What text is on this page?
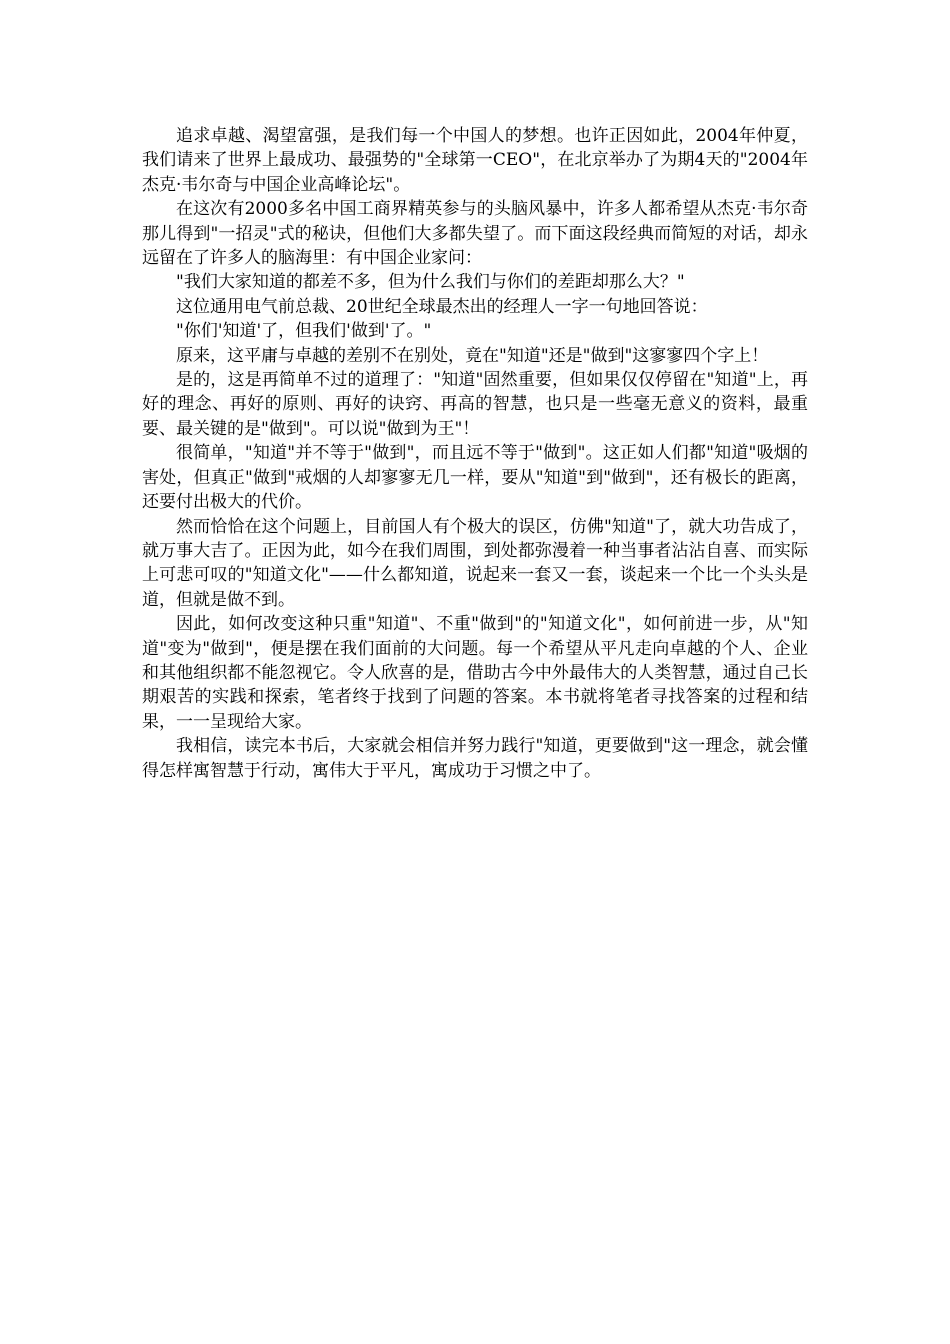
追求卓越、渴望富强，是我们每一个中国人的梦想。也许正因如此，2004年仲夏，我们请来了世界上最成功、最强势的"全球第一CEO"，在北京举办了为期4天的"2004年杰克·韦尔奇与中国企业高峰论坛"。

在这次有2000多名中国工商界精英参与的头脑风暴中，许多人都希望从杰克·韦尔奇那儿得到"一招灵"式的秘诀，但他们大多都失望了。而下面这段经典而简短的对话，却永远留在了许多人的脑海里：有中国企业家问：

"我们大家知道的都差不多，但为什么我们与你们的差距却那么大？"

这位通用电气前总裁、20世纪全球最杰出的经理人一字一句地回答说：

"你们'知道'了，但我们'做到'了。"

原来，这平庸与卓越的差别不在别处，竟在"知道"还是"做到"这寥寥四个字上！

是的，这是再简单不过的道理了："知道"固然重要，但如果仅仅停留在"知道"上，再好的理念、再好的原则、再好的诀窍、再高的智慧，也只是一些毫无意义的资料，最重要、最关键的是"做到"。可以说"做到为王"！

很简单，"知道"并不等于"做到"，而且远不等于"做到"。这正如人们都"知道"吸烟的害处，但真正"做到"戒烟的人却寥寥无几一样，要从"知道"到"做到"，还有极长的距离，还要付出极大的代价。

然而恰恰在这个问题上，目前国人有个极大的误区，仿佛"知道"了，就大功告成了，就万事大吉了。正因为此，如今在我们周围，到处都弥漫着一种当事者沾沾自喜、而实际上可悲可叹的"知道文化"——什么都知道，说起来一套又一套，谈起来一个比一个头头是道，但就是做不到。

因此，如何改变这种只重"知道"、不重"做到"的"知道文化"，如何前进一步，从"知道"变为"做到"，便是摆在我们面前的大问题。每一个希望从平凡走向卓越的个人、企业和其他组织都不能忽视它。令人欣喜的是，借助古今中外最伟大的人类智慧，通过自己长期艰苦的实践和探索，笔者终于找到了问题的答案。本书就将笔者寻找答案的过程和结果，一一呈现给大家。

我相信，读完本书后，大家就会相信并努力践行"知道，更要做到"这一理念，就会懂得怎样寓智慧于行动，寓伟大于平凡，寓成功于习惯之中了。
